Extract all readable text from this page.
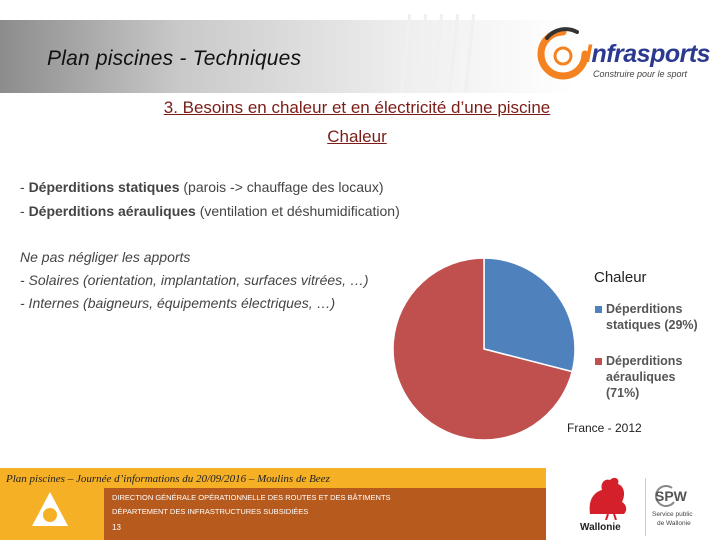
Plan piscines - Techniques	Infrasports
Construire pour le sport
3. Besoins en chaleur et en électricité d’une piscine
Chaleur
- Déperditions statiques (parois -> chauffage des locaux)
- Déperditions aérauliques (ventilation et déshumidification)
Ne pas négliger les apports
- Solaires (orientation, implantation, surfaces vitrées, …)
- Internes (baigneurs, équipements électriques, …)
Chaleur
Déperditions
statiques (29%)
Déperditions
aérauliques
(71%)
France - 2012
Plan piscines – Journée d’informations du 20/09/2016 – Moulins de Beez
DIRECTION GÉNÉRALE OPÉRATIONNELLE DES ROUTES ET DES BÂTIMENTS
DÉPARTEMENT DES INFRASTRUCTURES SUBSIDIÉES
13	Wallonie
SPW
Service public
de Wallonie
